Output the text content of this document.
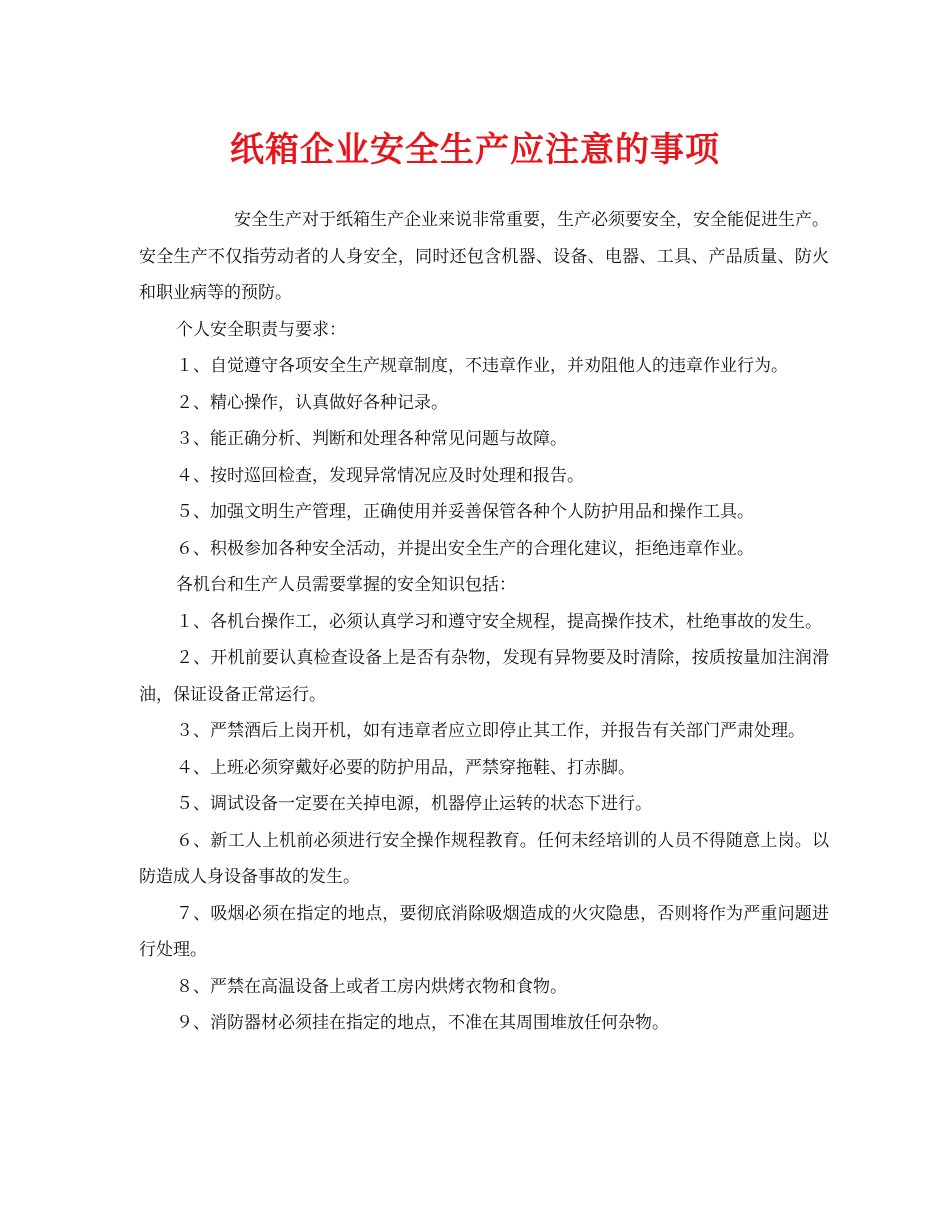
纸箱企业安全生产应注意的事项

安全生产对于纸箱生产企业来说非常重要，生产必须要安全，安全能促进生产。安全生产不仅指劳动者的人身安全，同时还包含机器、设备、电器、工具、产品质量、防火和职业病等的预防。

个人安全职责与要求：

１、自觉遵守各项安全生产规章制度，不违章作业，并劝阻他人的违章作业行为。

２、精心操作，认真做好各种记录。

３、能正确分析、判断和处理各种常见问题与故障。

４、按时巡回检查，发现异常情况应及时处理和报告。

５、加强文明生产管理，正确使用并妥善保管各种个人防护用品和操作工具。

６、积极参加各种安全活动，并提出安全生产的合理化建议，拒绝违章作业。

各机台和生产人员需要掌握的安全知识包括：

１、各机台操作工，必须认真学习和遵守安全规程，提高操作技术，杜绝事故的发生。

２、开机前要认真检查设备上是否有杂物，发现有异物要及时清除，按质按量加注润滑油，保证设备正常运行。

３、严禁酒后上岗开机，如有违章者应立即停止其工作，并报告有关部门严肃处理。

４、上班必须穿戴好必要的防护用品，严禁穿拖鞋、打赤脚。

５、调试设备一定要在关掉电源，机器停止运转的状态下进行。

６、新工人上机前必须进行安全操作规程教育。任何未经培训的人员不得随意上岗。以防造成人身设备事故的发生。

７、吸烟必须在指定的地点，要彻底消除吸烟造成的火灾隐患，否则将作为严重问题进行处理。

８、严禁在高温设备上或者工房内烘烤衣物和食物。

９、消防器材必须挂在指定的地点，不准在其周围堆放任何杂物。
